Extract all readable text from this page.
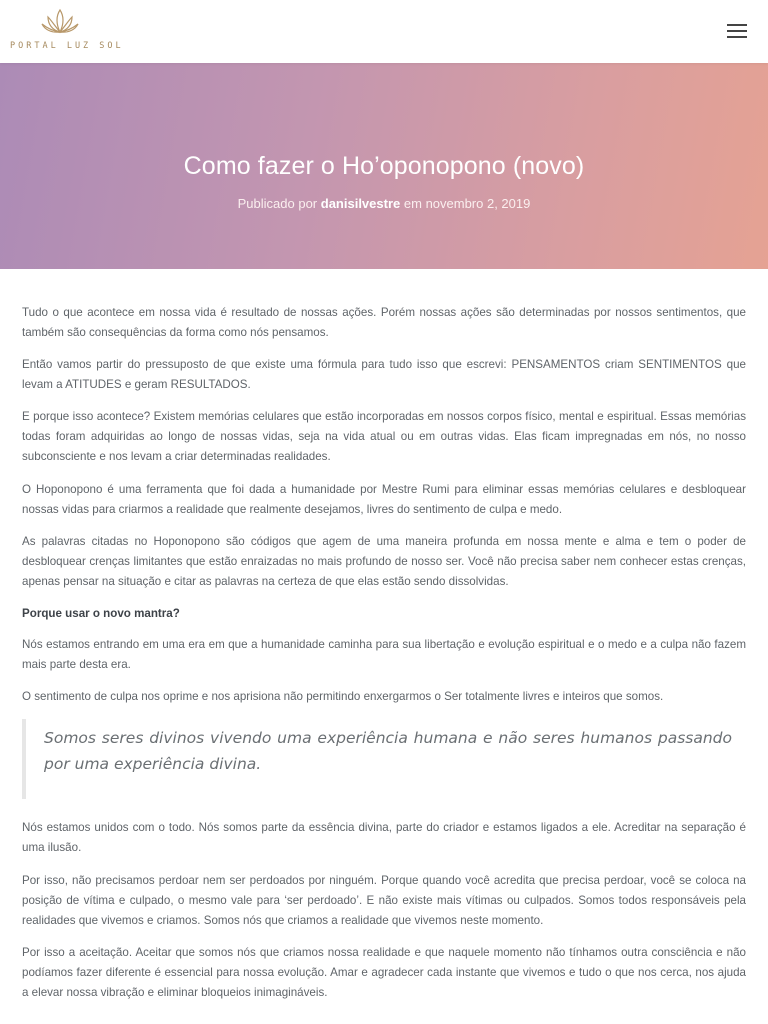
PORTAL LUZ SOL
Como fazer o Ho’oponopono (novo)
Publicado por danisilvestre em novembro 2, 2019

Tudo o que acontece em nossa vida é resultado de nossas ações. Porém nossas ações são determinadas por nossos sentimentos, que também são consequências da forma como nós pensamos.

Então vamos partir do pressuposto de que existe uma fórmula para tudo isso que escrevi: PENSAMENTOS criam SENTIMENTOS que levam a ATITUDES e geram RESULTADOS.

E porque isso acontece? Existem memórias celulares que estão incorporadas em nossos corpos físico, mental e espiritual. Essas memórias todas foram adquiridas ao longo de nossas vidas, seja na vida atual ou em outras vidas. Elas ficam impregnadas em nós, no nosso subconsciente e nos levam a criar determinadas realidades.

O Hoponopono é uma ferramenta que foi dada a humanidade por Mestre Rumi para eliminar essas memórias celulares e desbloquear nossas vidas para criarmos a realidade que realmente desejamos, livres do sentimento de culpa e medo.

As palavras citadas no Hoponopono são códigos que agem de uma maneira profunda em nossa mente e alma e tem o poder de desbloquear crenças limitantes que estão enraizadas no mais profundo de nosso ser. Você não precisa saber nem conhecer estas crenças, apenas pensar na situação e citar as palavras na certeza de que elas estão sendo dissolvidas.

Porque usar o novo mantra?

Nós estamos entrando em uma era em que a humanidade caminha para sua libertação e evolução espiritual e o medo e a culpa não fazem mais parte desta era.

O sentimento de culpa nos oprime e nos aprisiona não permitindo enxergarmos o Ser totalmente livres e inteiros que somos.

Somos seres divinos vivendo uma experiência humana e não seres humanos passando por uma experiência divina.

Nós estamos unidos com o todo. Nós somos parte da essência divina, parte do criador e estamos ligados a ele. Acreditar na separação é uma ilusão.

Por isso, não precisamos perdoar nem ser perdoados por ninguém. Porque quando você acredita que precisa perdoar, você se coloca na posição de vítima e culpado, o mesmo vale para ‘ser perdoado’. E não existe mais vítimas ou culpados. Somos todos responsáveis pela realidades que vivemos e criamos. Somos nós que criamos a realidade que vivemos neste momento.

Por isso a aceitação. Aceitar que somos nós que criamos nossa realidade e que naquele momento não tínhamos outra consciência e não podíamos fazer diferente é essencial para nossa evolução. Amar e agradecer cada instante que vivemos e tudo o que nos cerca, nos ajuda a elevar nossa vibração e eliminar bloqueios inimagináveis.
